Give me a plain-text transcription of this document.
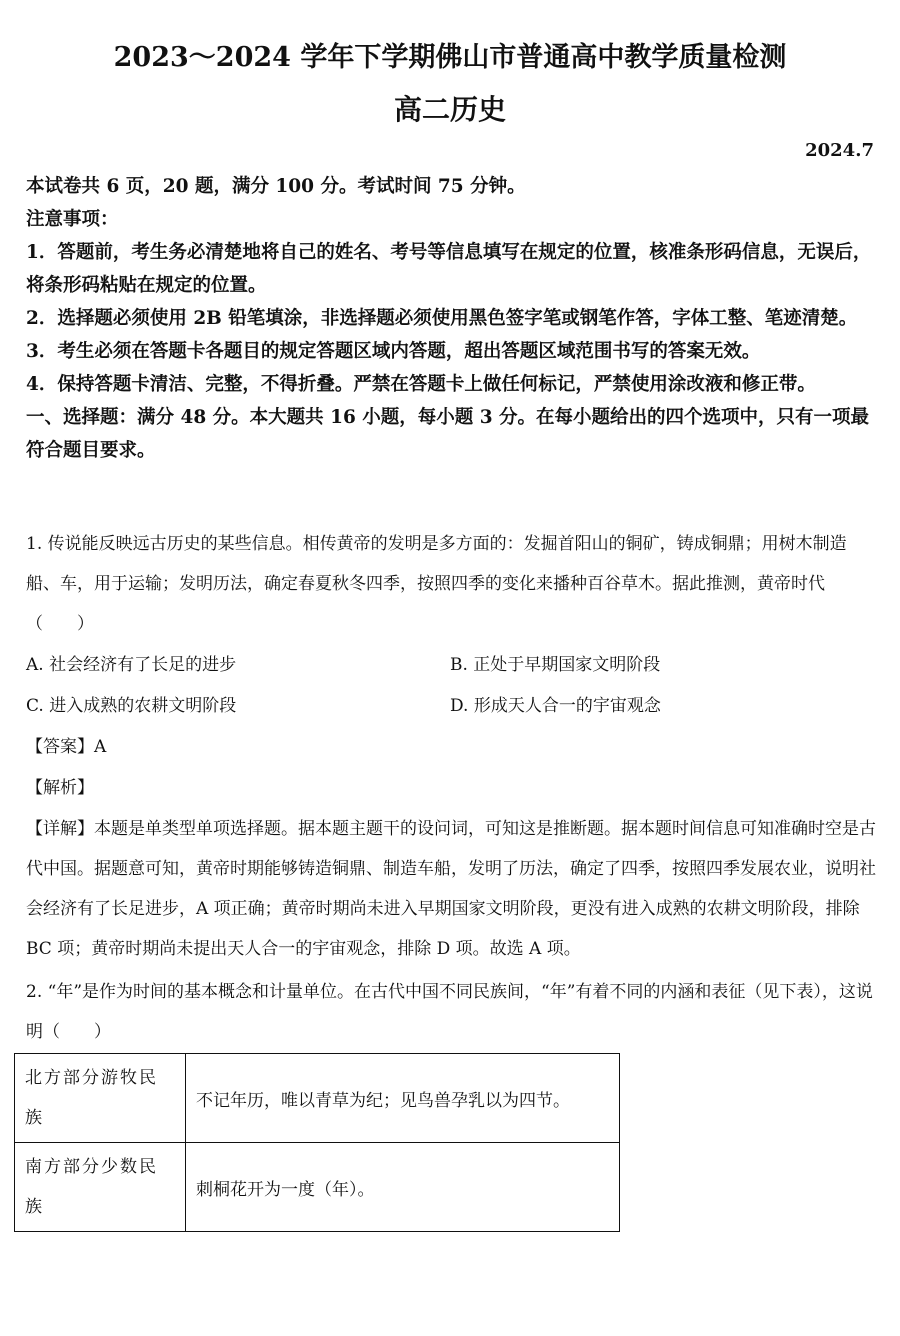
2023～2024 学年下学期佛山市普通高中教学质量检测
高二历史
2024.7

本试卷共 6 页，20 题，满分 100 分。考试时间 75 分钟。

注意事项：

1．答题前，考生务必清楚地将自己的姓名、考号等信息填写在规定的位置，核准条形码信息，无误后，将条形码粘贴在规定的位置。

2．选择题必须使用 2B 铅笔填涂，非选择题必须使用黑色签字笔或钢笔作答，字体工整、笔迹清楚。

3．考生必须在答题卡各题目的规定答题区域内答题，超出答题区域范围书写的答案无效。

4．保持答题卡清洁、完整，不得折叠。严禁在答题卡上做任何标记，严禁使用涂改液和修正带。

一、选择题：满分 48 分。本大题共 16 小题，每小题 3 分。在每小题给出的四个选项中，只有一项最符合题目要求。

1. 传说能反映远古历史的某些信息。相传黄帝的发明是多方面的：发掘首阳山的铜矿，铸成铜鼎；用树木制造船、车，用于运输；发明历法，确定春夏秋冬四季，按照四季的变化来播种百谷草木。据此推测，黄帝时代（　　）
A. 社会经济有了长足的进步	B. 正处于早期国家文明阶段
C. 进入成熟的农耕文明阶段	D. 形成天人合一的宇宙观念
【答案】A
【解析】
【详解】本题是单类型单项选择题。据本题主题干的设问词，可知这是推断题。据本题时间信息可知准确时空是古代中国。据题意可知，黄帝时期能够铸造铜鼎、制造车船，发明了历法，确定了四季，按照四季发展农业，说明社会经济有了长足进步，A 项正确；黄帝时期尚未进入早期国家文明阶段，更没有进入成熟的农耕文明阶段，排除 BC 项；黄帝时期尚未提出天人合一的宇宙观念，排除 D 项。故选 A 项。
2. “年”是作为时间的基本概念和计量单位。在古代中国不同民族间，“年”有着不同的内涵和表征（见下表），这说明（　　）
北方部分游牧民族	不记年历，唯以青草为纪；见鸟兽孕乳以为四节。
南方部分少数民族	刺桐花开为一度（年）。
